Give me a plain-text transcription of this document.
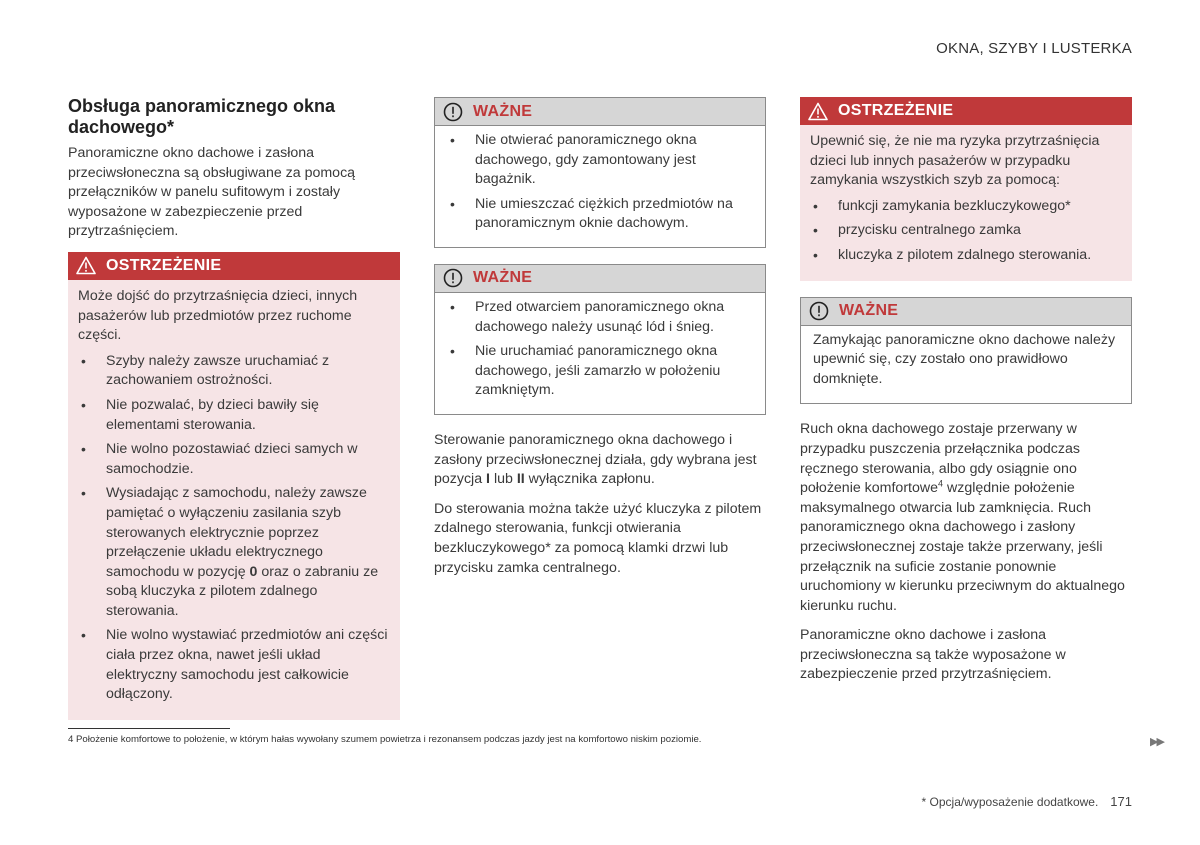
OKNA, SZYBY I LUSTERKA
Obsługa panoramicznego okna dachowego*

Panoramiczne okno dachowe i zasłona przeciwsłoneczna są obsługiwane za pomocą przełączników w panelu sufitowym i zostały wyposażone w zabezpieczenie przed przytrzaśnięciem.

OSTRZEŻENIE

Może dojść do przytrzaśnięcia dzieci, innych pasażerów lub przedmiotów przez ruchome części.

• Szyby należy zawsze uruchamiać z zachowaniem ostrożności.
• Nie pozwalać, by dzieci bawiły się elementami sterowania.
• Nie wolno pozostawiać dzieci samych w samochodzie.
• Wysiadając z samochodu, należy zawsze pamiętać o wyłączeniu zasilania szyb sterowanych elektrycznie poprzez przełączenie układu elektrycznego samochodu w pozycję 0 oraz o zabraniu ze sobą kluczyka z pilotem zdalnego sterowania.
• Nie wolno wystawiać przedmiotów ani części ciała przez okna, nawet jeśli układ elektryczny samochodu jest całkowicie odłączony.
WAŻNE
• Nie otwierać panoramicznego okna dachowego, gdy zamontowany jest bagażnik.
• Nie umieszczać ciężkich przedmiotów na panoramicznym oknie dachowym.
WAŻNE
• Przed otwarciem panoramicznego okna dachowego należy usunąć lód i śnieg.
• Nie uruchamiać panoramicznego okna dachowego, jeśli zamarzło w położeniu zamkniętym.

Sterowanie panoramicznego okna dachowego i zasłony przeciwsłonecznej działa, gdy wybrana jest pozycja I lub II wyłącznika zapłonu.

Do sterowania można także użyć kluczyka z pilotem zdalnego sterowania, funkcji otwierania bezkluczykowego* za pomocą klamki drzwi lub przycisku zamka centralnego.

OSTRZEŻENIE

Upewnić się, że nie ma ryzyka przytrzaśnięcia dzieci lub innych pasażerów w przypadku zamykania wszystkich szyb za pomocą:

• funkcji zamykania bezkluczykowego*
• przycisku centralnego zamka
• kluczyka z pilotem zdalnego sterowania.
WAŻNE

Zamykając panoramiczne okno dachowe należy upewnić się, czy zostało ono prawidłowo domknięte.

Ruch okna dachowego zostaje przerwany w przypadku puszczenia przełącznika podczas ręcznego sterowania, albo gdy osiągnie ono położenie komfortowe$^4$ względnie położenie maksymalnego otwarcia lub zamknięcia. Ruch panoramicznego okna dachowego i zasłony przeciwsłonecznej zostaje także przerwany, jeśli przełącznik na suficie zostanie ponownie uruchomiony w kierunku przeciwnym do aktualnego kierunku ruchu.

Panoramiczne okno dachowe i zasłona przeciwsłoneczna są także wyposażone w zabezpieczenie przed przytrzaśnięciem.

4 Położenie komfortowe to położenie, w którym hałas wywołany szumem powietrza i rezonansem podczas jazdy jest na komfortowo niskim poziomie.	▶▶
* Opcja/wyposażenie dodatkowe. 171
